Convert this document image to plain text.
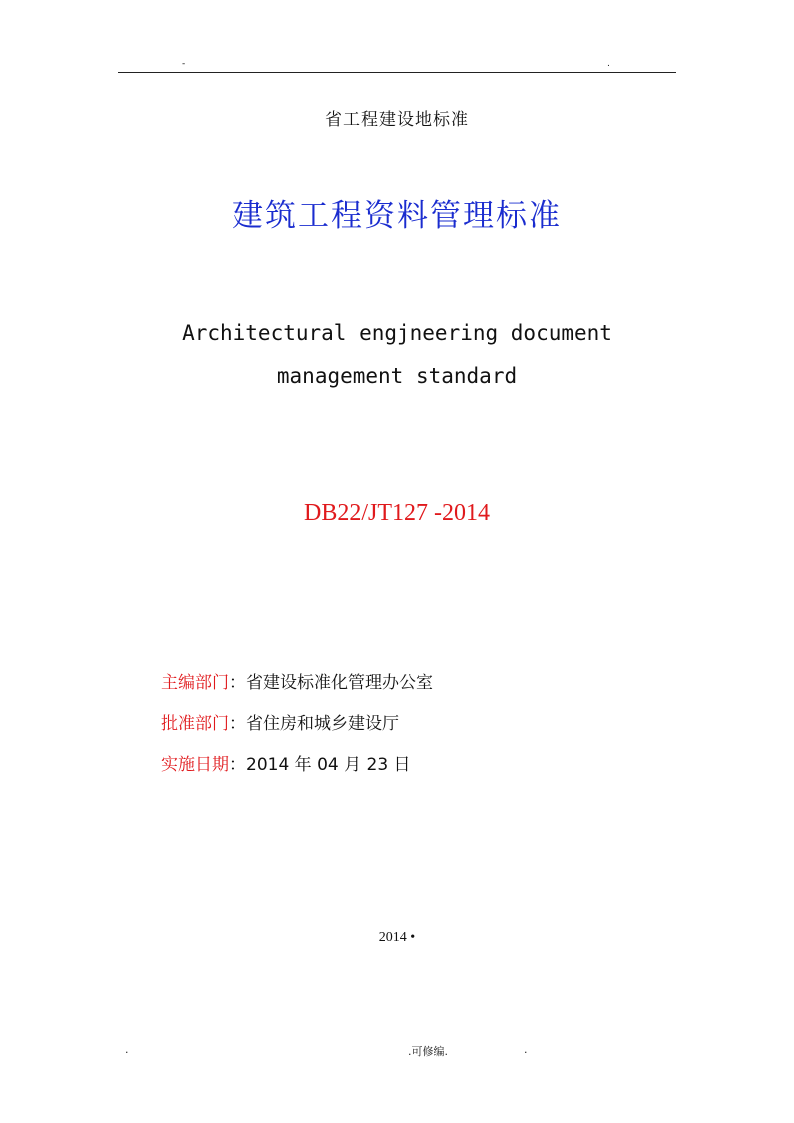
-	.
省工程建设地标准
建筑工程资料管理标准
Architectural engjneering document
management standard
DB22/JT127 -2014
主编部门：省建设标准化管理办公室
批准部门：省住房和城乡建设厅
实施日期：2014 年 04 月 23 日
2014 •
.	.可修编.	.
